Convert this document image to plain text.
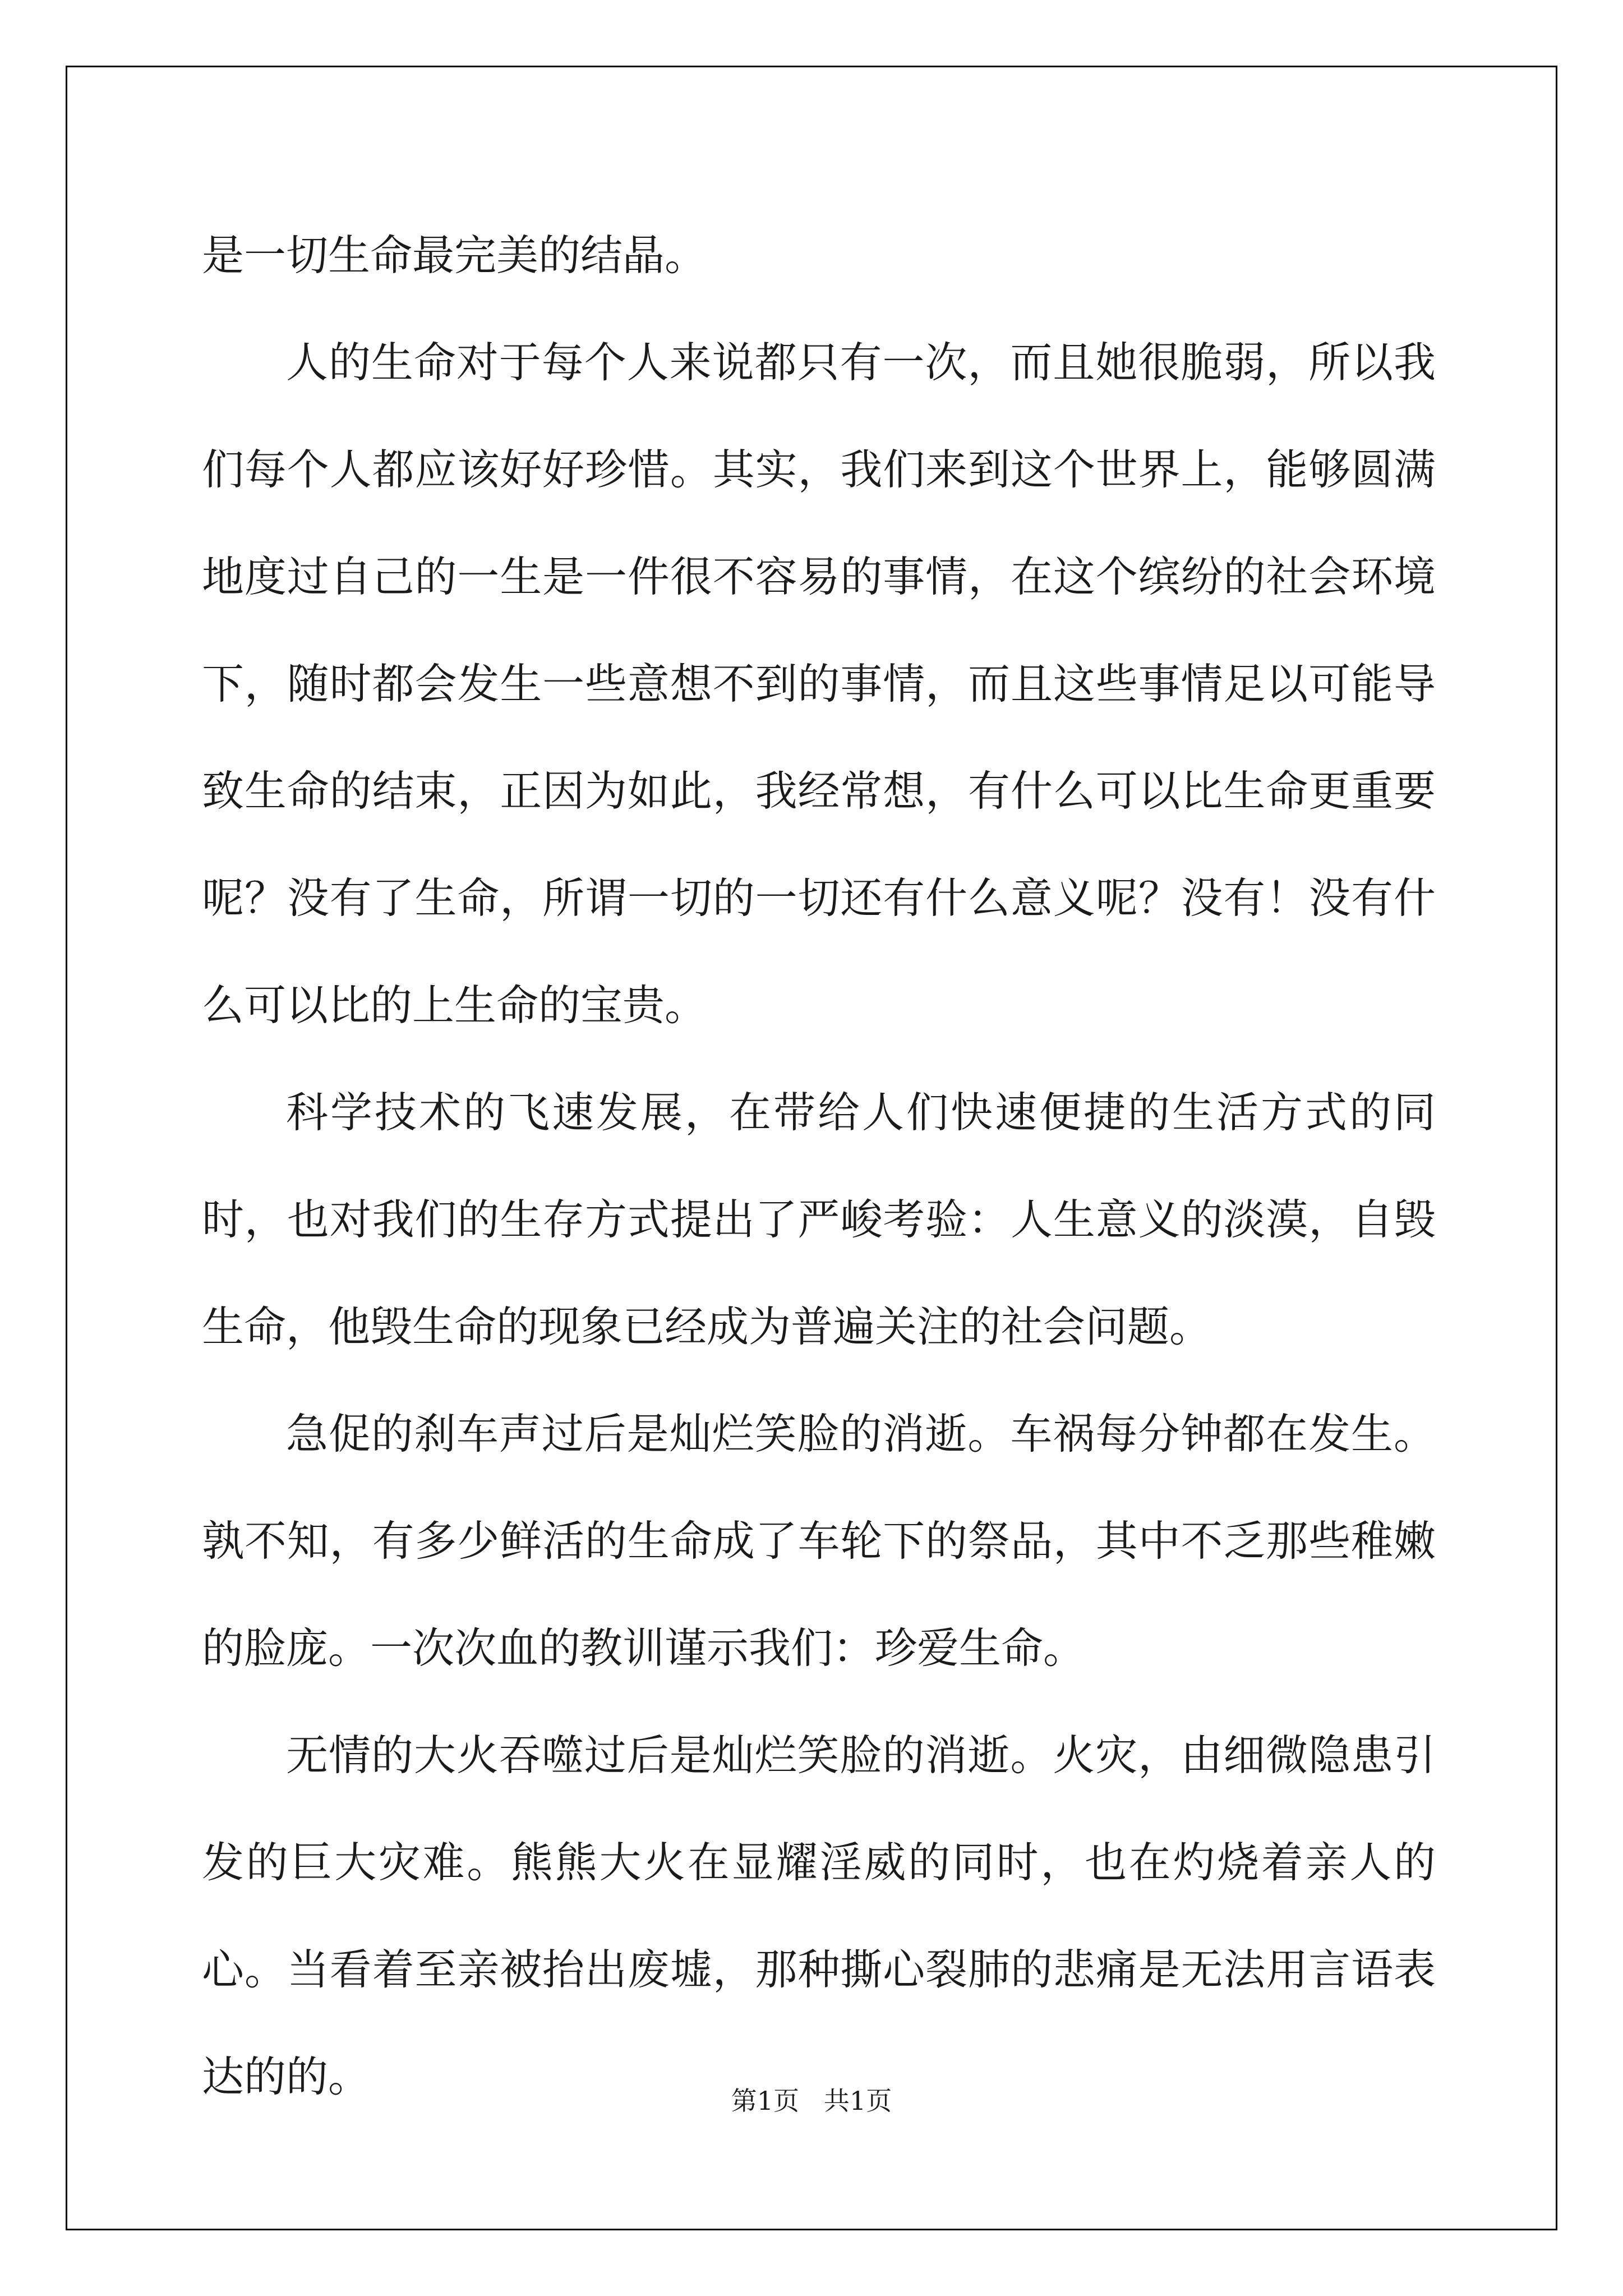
是一切生命最完美的结晶。

人的生命对于每个人来说都只有一次，而且她很脆弱，所以我们每个人都应该好好珍惜。其实，我们来到这个世界上，能够圆满地度过自己的一生是一件很不容易的事情，在这个缤纷的社会环境下，随时都会发生一些意想不到的事情，而且这些事情足以可能导致生命的结束，正因为如此，我经常想，有什么可以比生命更重要呢？没有了生命，所谓一切的一切还有什么意义呢？没有！没有什么可以比的上生命的宝贵。

科学技术的飞速发展，在带给人们快速便捷的生活方式的同时，也对我们的生存方式提出了严峻考验：人生意义的淡漠，自毁生命，他毁生命的现象已经成为普遍关注的社会问题。

急促的刹车声过后是灿烂笑脸的消逝。车祸每分钟都在发生。孰不知，有多少鲜活的生命成了车轮下的祭品，其中不乏那些稚嫩的脸庞。一次次血的教训谨示我们：珍爱生命。

无情的大火吞噬过后是灿烂笑脸的消逝。火灾，由细微隐患引发的巨大灾难。熊熊大火在显耀淫威的同时，也在灼烧着亲人的心。当看着至亲被抬出废墟，那种撕心裂肺的悲痛是无法用言语表达的的。	第1页   共1页
